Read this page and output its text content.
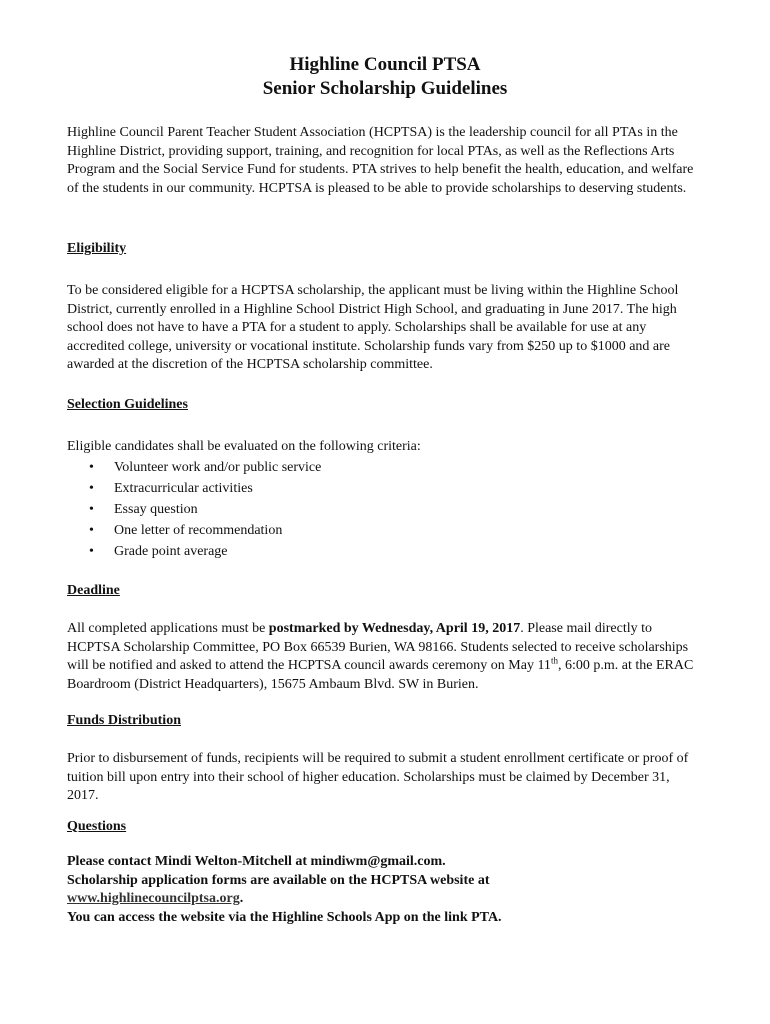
Highline Council PTSA

Senior Scholarship Guidelines

Highline Council Parent Teacher Student Association (HCPTSA) is the leadership council for all PTAs in the Highline District, providing support, training, and recognition for local PTAs, as well as the Reflections Arts Program and the Social Service Fund for students. PTA strives to help benefit the health, education, and welfare of the students in our community. HCPTSA is pleased to be able to provide scholarships to deserving students.

Eligibility

To be considered eligible for a HCPTSA scholarship, the applicant must be living within the Highline School District, currently enrolled in a Highline School District High School, and graduating in June 2017. The high school does not have to have a PTA for a student to apply. Scholarships shall be available for use at any accredited college, university or vocational institute. Scholarship funds vary from $250 up to $1000 and are awarded at the discretion of the HCPTSA scholarship committee.

Selection Guidelines

Eligible candidates shall be evaluated on the following criteria:

• Volunteer work and/or public service
• Extracurricular activities
• Essay question
• One letter of recommendation
• Grade point average

Deadline

All completed applications must be postmarked by Wednesday, April 19, 2017. Please mail directly to HCPTSA Scholarship Committee, PO Box 66539 Burien, WA 98166. Students selected to receive scholarships will be notified and asked to attend the HCPTSA council awards ceremony on May 11th, 6:00 p.m. at the ERAC Boardroom (District Headquarters), 15675 Ambaum Blvd. SW in Burien.

Funds Distribution

Prior to disbursement of funds, recipients will be required to submit a student enrollment certificate or proof of tuition bill upon entry into their school of higher education. Scholarships must be claimed by December 31, 2017.

Questions

Please contact Mindi Welton-Mitchell at mindiwm@gmail.com.

Scholarship application forms are available on the HCPTSA website at

www.highlinecouncilptsa.org.

You can access the website via the Highline Schools App on the link PTA.
